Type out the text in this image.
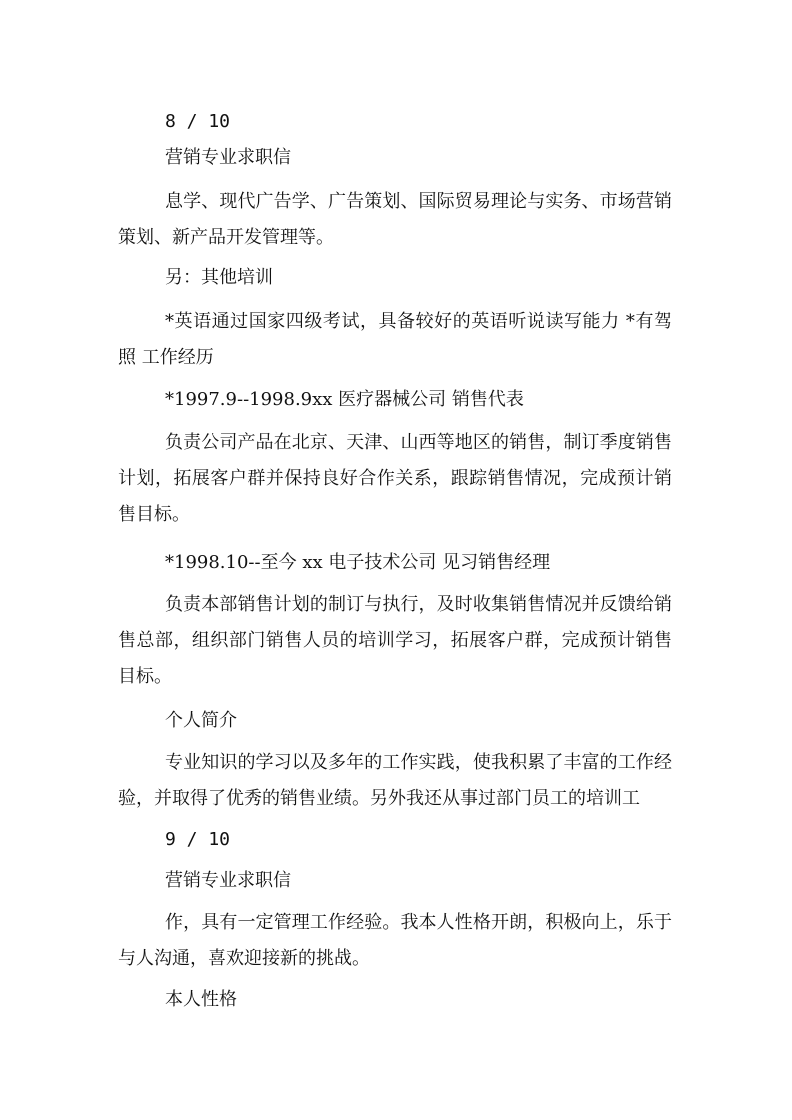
8 / 10
营销专业求职信
息学、现代广告学、广告策划、国际贸易理论与实务、市场营销策划、新产品开发管理等。
另：其他培训
*英语通过国家四级考试，具备较好的英语听说读写能力 *有驾照 工作经历
*1997.9--1998.9xx 医疗器械公司 销售代表
负责公司产品在北京、天津、山西等地区的销售，制订季度销售计划，拓展客户群并保持良好合作关系，跟踪销售情况，完成预计销售目标。
*1998.10--至今 xx 电子技术公司 见习销售经理
负责本部销售计划的制订与执行，及时收集销售情况并反馈给销售总部，组织部门销售人员的培训学习，拓展客户群，完成预计销售目标。
个人简介
专业知识的学习以及多年的工作实践，使我积累了丰富的工作经验，并取得了优秀的销售业绩。另外我还从事过部门员工的培训工
9 / 10
营销专业求职信
作，具有一定管理工作经验。我本人性格开朗，积极向上，乐于与人沟通，喜欢迎接新的挑战。
本人性格
